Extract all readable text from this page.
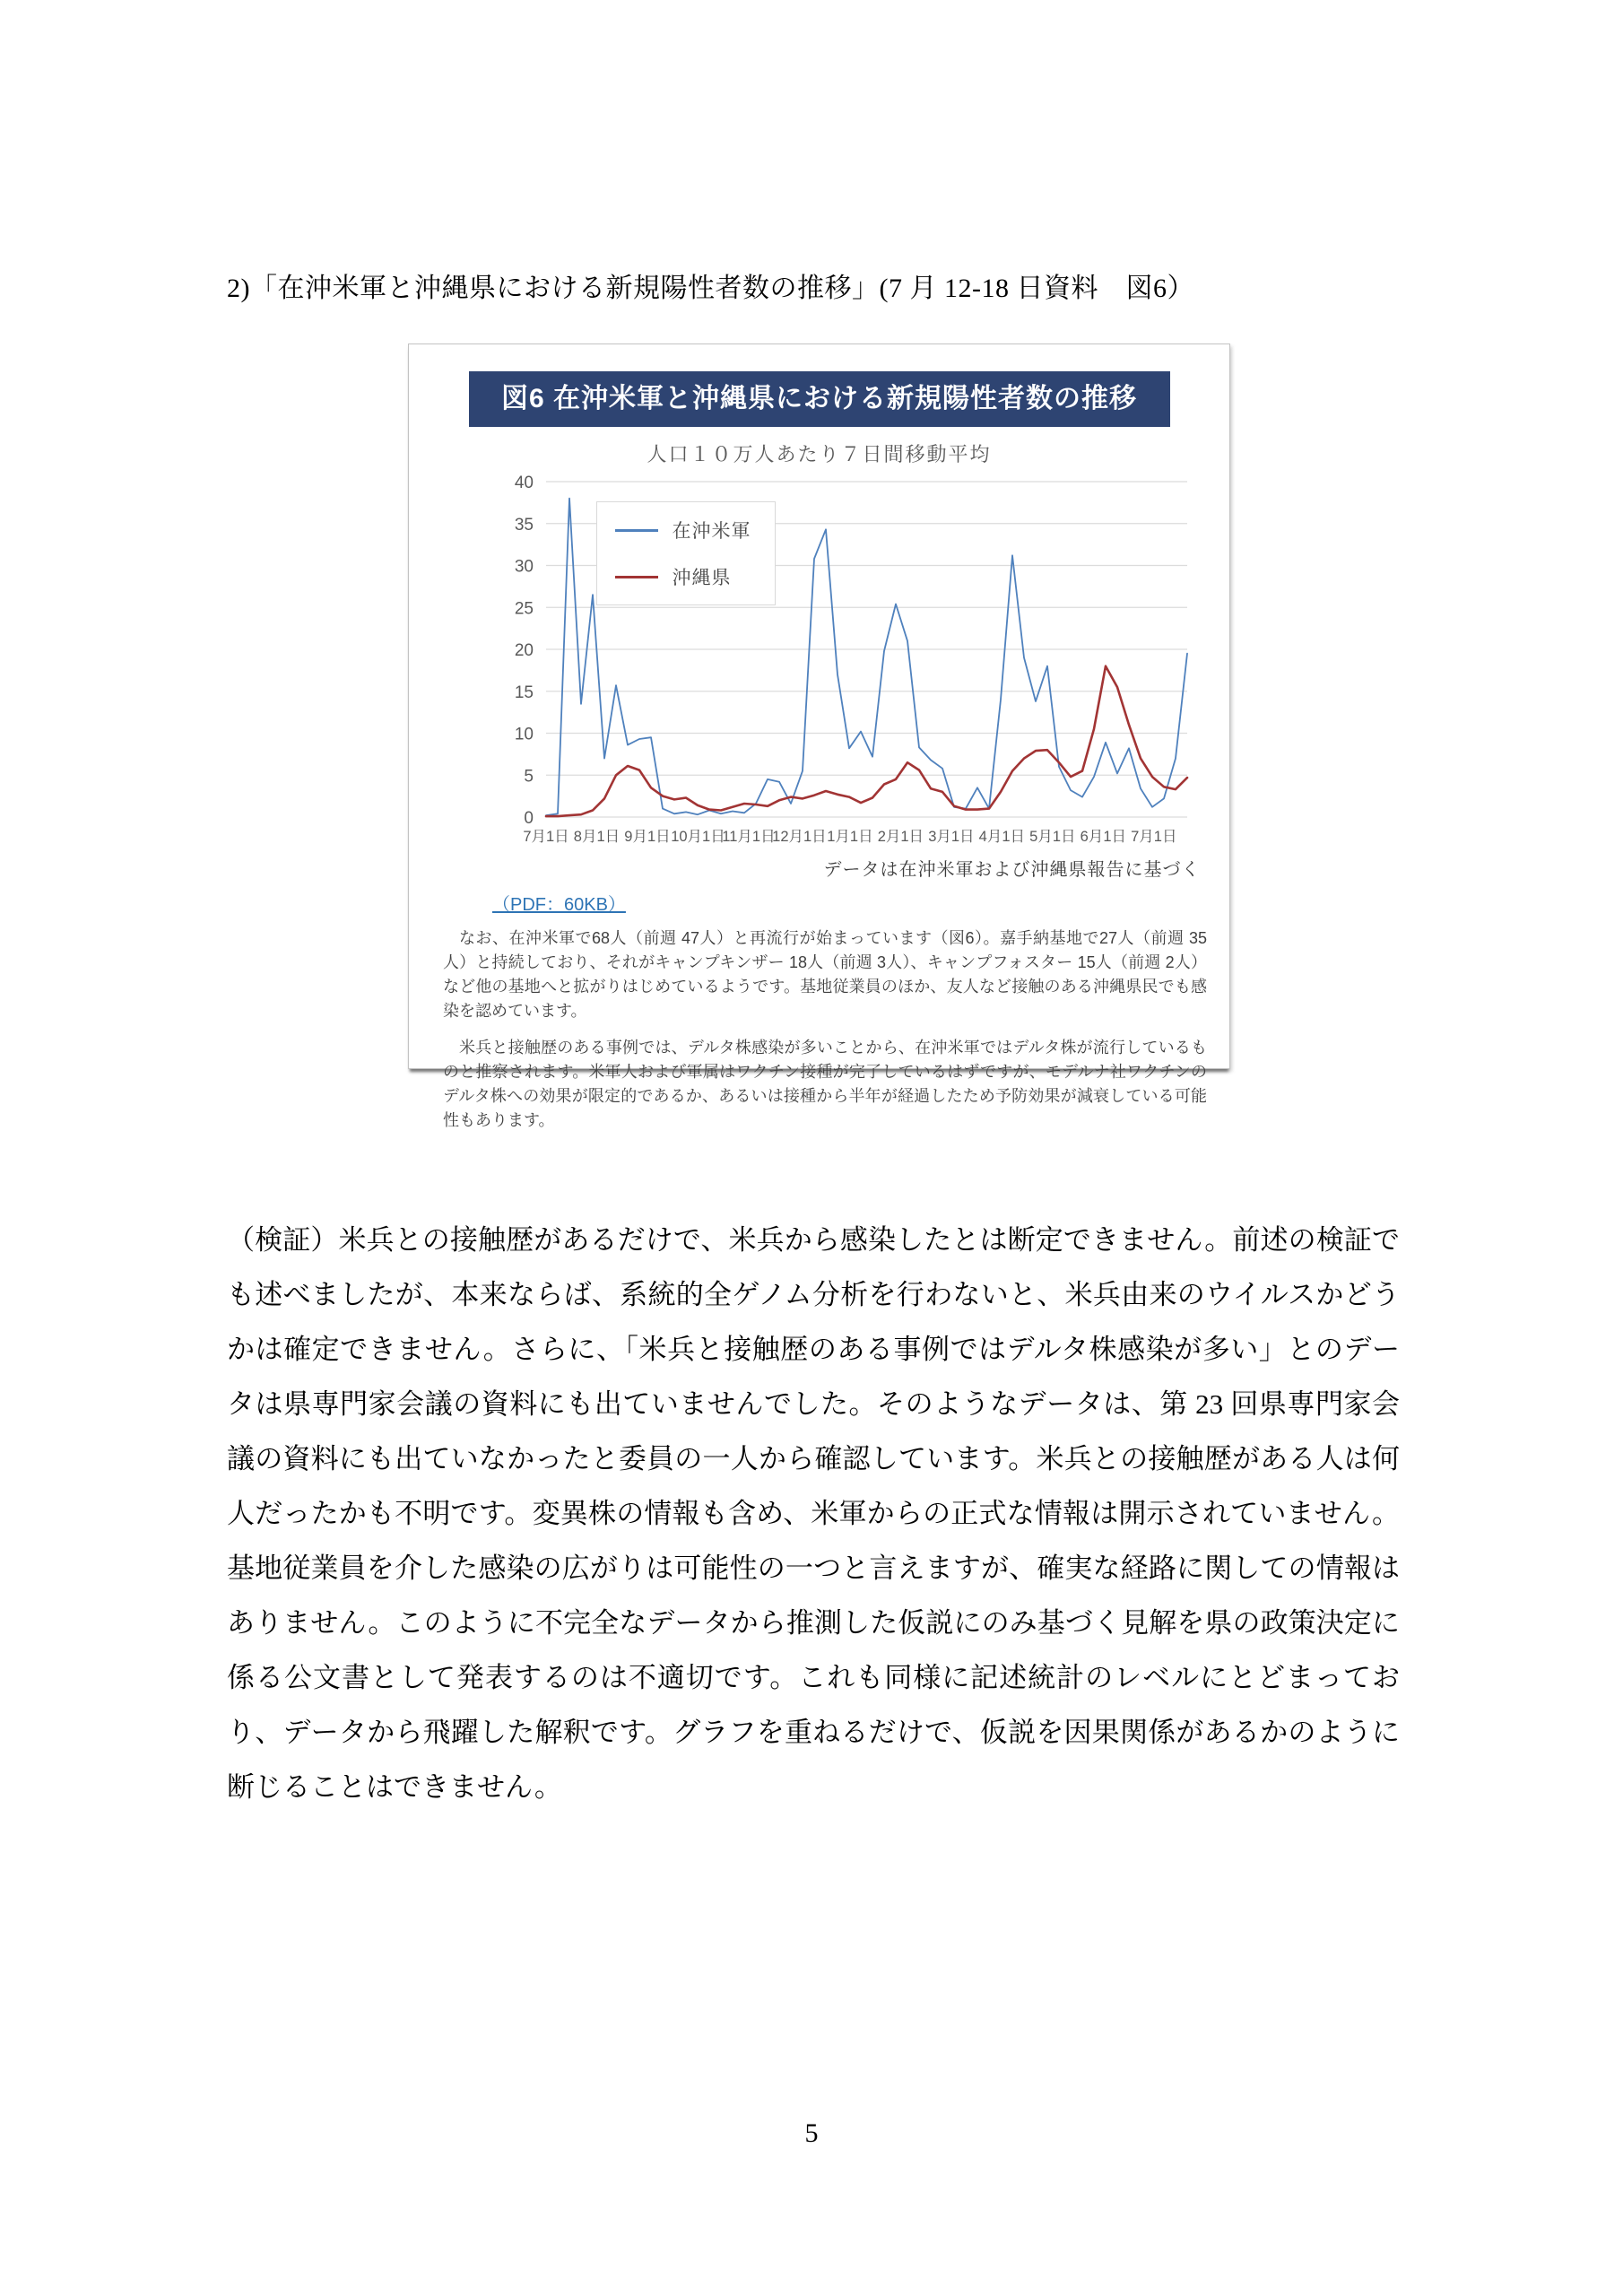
2)「在沖米軍と沖縄県における新規陽性者数の推移」(7 月 12-18 日資料　図6）
図6 在沖米軍と沖縄県における新規陽性者数の推移
人口１０万人あたり７日間移動平均
0
5
10
15
20
25
30
35
40
7月1日 8月1日 9月1日 10月1日
11月1日
12月1日 1月1日 2月1日 3月1日 4月1日 5月1日 6月1日 7月1日
在沖米軍
沖縄県
データは在沖米軍および沖縄県報告に基づく
（PDF：60KB）

なお、在沖米軍で68人（前週 47人）と再流行が始まっています（図6）。嘉手納基地で27人（前週 35人）と持続しており、それがキャンプキンザー 18人（前週 3人）、キャンプフォスター 15人（前週 2人）など他の基地へと拡がりはじめているようです。基地従業員のほか、友人など接触のある沖縄県民でも感染を認めています。

米兵と接触歴のある事例では、デルタ株感染が多いことから、在沖米軍ではデルタ株が流行しているものと推察されます。米軍人および軍属はワクチン接種が完了しているはずですが、モデルナ社ワクチンのデルタ株への効果が限定的であるか、あるいは接種から半年が経過したため予防効果が減衰している可能性もあります。

（検証）米兵との接触歴があるだけで、米兵から感染したとは断定できません。前述の検証でも述べましたが、本来ならば、系統的全ゲノム分析を行わないと、米兵由来のウイルスかどうかは確定できません。さらに、「米兵と接触歴のある事例ではデルタ株感染が多い」とのデータは県専門家会議の資料にも出ていませんでした。そのようなデータは、第 23 回県専門家会議の資料にも出ていなかったと委員の一人から確認しています。米兵との接触歴がある人は何人だったかも不明です。変異株の情報も含め、米軍からの正式な情報は開示されていません。基地従業員を介した感染の広がりは可能性の一つと言えますが、確実な経路に関しての情報はありません。このように不完全なデータから推測した仮説にのみ基づく見解を県の政策決定に係る公文書として発表するのは不適切です。これも同様に記述統計のレベルにとどまっており、データから飛躍した解釈です。グラフを重ねるだけで、仮説を因果関係があるかのように断じることはできません。

5
